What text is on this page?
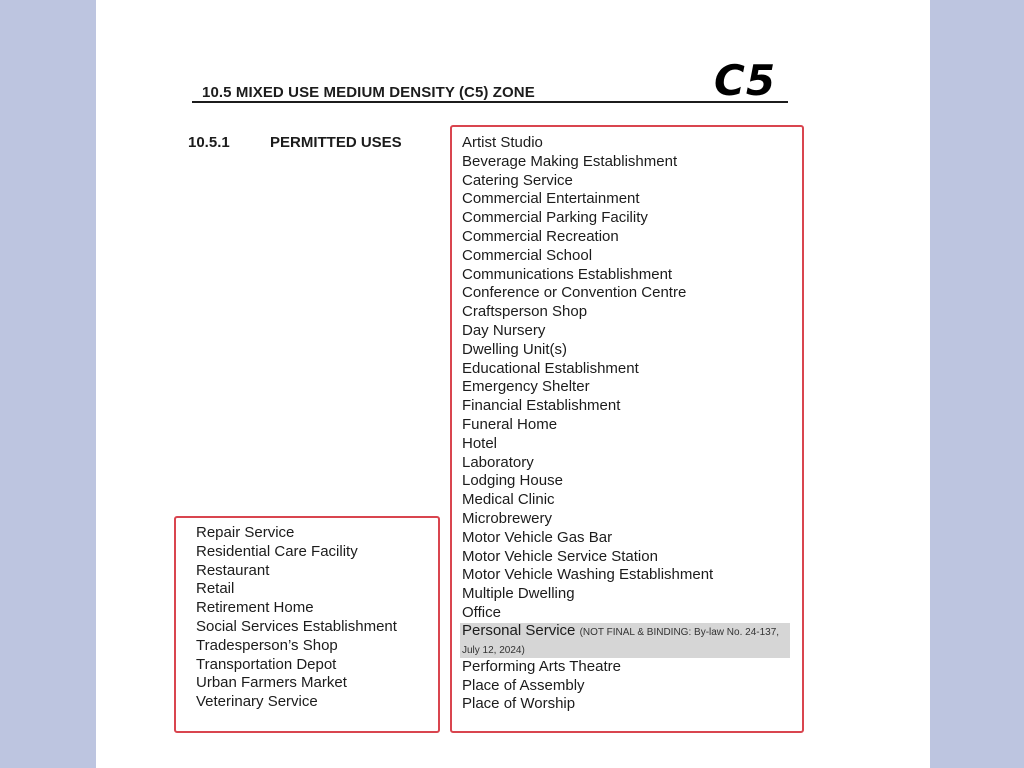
10.5 MIXED USE MEDIUM DENSITY (C5) ZONE	C5
10.5.1	PERMITTED USES	Artist Studio
Beverage Making Establishment
Catering Service
Commercial Entertainment
Commercial Parking Facility
Commercial Recreation
Commercial School
Communications Establishment
Conference or Convention Centre
Craftsperson Shop
Day Nursery
Dwelling Unit(s)
Educational Establishment
Emergency Shelter
Financial Establishment
Funeral Home
Hotel
Laboratory
Lodging House
Medical Clinic
Microbrewery
Motor Vehicle Gas Bar
Motor Vehicle Service Station
Motor Vehicle Washing Establishment
Multiple Dwelling
Office
Personal Service (NOT FINAL & BINDING: By-law No. 24-137, July 12, 2024)
Performing Arts Theatre
Place of Assembly
Place of Worship
Repair Service
Residential Care Facility
Restaurant
Retail
Retirement Home
Social Services Establishment
Tradesperson’s Shop
Transportation Depot
Urban Farmers Market
Veterinary Service
